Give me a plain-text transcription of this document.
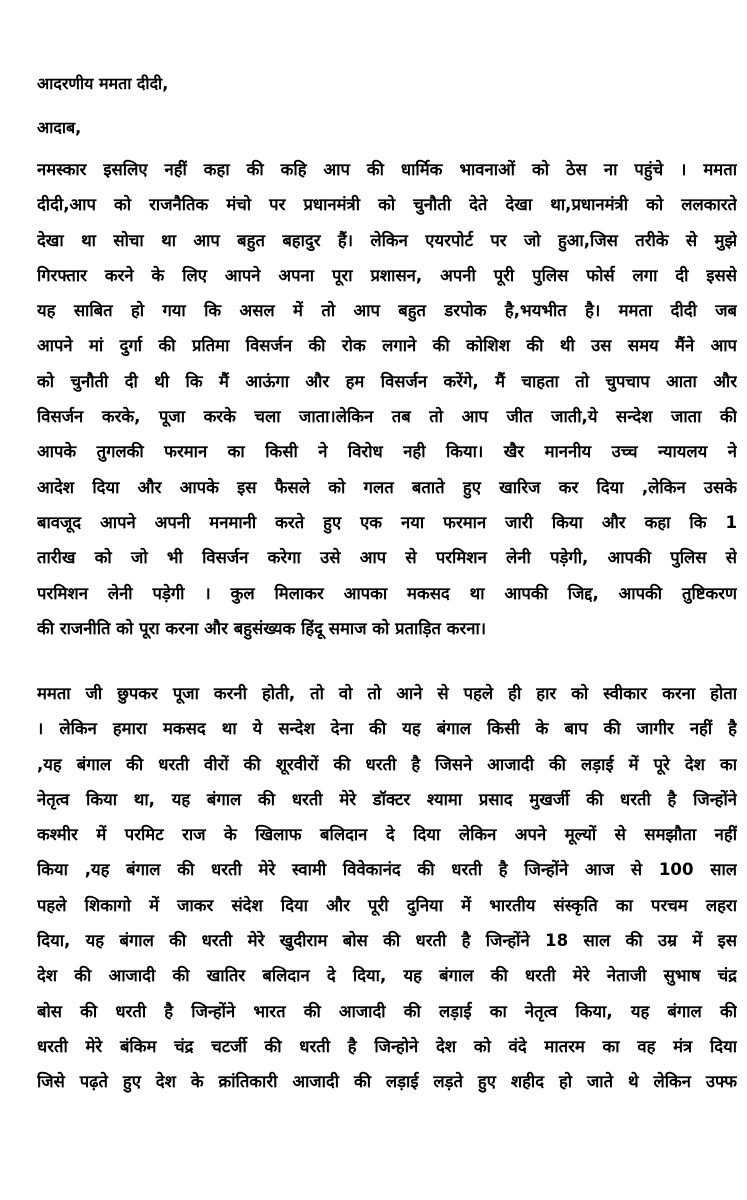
आदरणीय ममता दीदी,
आदाब,
नमस्कार इसलिए नहीं कहा की कहि आप की धार्मिक भावनाओं को ठेस ना पहुंचे । ममता
दीदी,आप को राजनैतिक मंचो पर प्रधानमंत्री को चुनौती देते देखा था,प्रधानमंत्री को ललकारते
देखा था सोचा था आप बहुत बहादुर हैं। लेकिन एयरपोर्ट पर जो हुआ,जिस तरीके से मुझे
गिरफ्तार करने के लिए आपने अपना पूरा प्रशासन, अपनी पूरी पुलिस फोर्स लगा दी इससे
यह साबित हो गया कि असल में तो आप बहुत डरपोक है,भयभीत है। ममता दीदी जब
आपने मां दुर्गा की प्रतिमा विसर्जन की रोक लगाने की कोशिश की थी उस समय मैंने आप
को चुनौती दी थी कि मैं आऊंगा और हम विसर्जन करेंगे, मैं चाहता तो चुपचाप आता और
विसर्जन करके, पूजा करके चला जाता।लेकिन तब तो आप जीत जाती,ये सन्देश जाता की
आपके तुगलकी फरमान का किसी ने विरोध नही किया। खैर माननीय उच्च न्यायलय ने
आदेश दिया और आपके इस फैसले को गलत बताते हुए खारिज कर दिया ,लेकिन उसके
बावजूद आपने अपनी मनमानी करते हुए एक नया फरमान जारी किया और कहा कि 1
तारीख को जो भी विसर्जन करेगा उसे आप से परमिशन लेनी पड़ेगी, आपकी पुलिस से
परमिशन लेनी पड़ेगी । कुल मिलाकर आपका मकसद था आपकी जिद्द, आपकी तुष्टिकरण
की राजनीति को पूरा करना और बहुसंख्यक हिंदू समाज को प्रताड़ित करना।
ममता जी छुपकर पूजा करनी होती, तो वो तो आने से पहले ही हार को स्वीकार करना होता
। लेकिन हमारा मकसद था ये सन्देश देना की यह बंगाल किसी के बाप की जागीर नहीं है
,यह बंगाल की धरती वीरों की शूरवीरों की धरती है जिसने आजादी की लड़ाई में पूरे देश का
नेतृत्व किया था, यह बंगाल की धरती मेरे डॉक्टर श्यामा प्रसाद मुखर्जी की धरती है जिन्होंने
कश्मीर में परमिट राज के खिलाफ बलिदान दे दिया लेकिन अपने मूल्यों से समझौता नहीं
किया ,यह बंगाल की धरती मेरे स्वामी विवेकानंद की धरती है जिन्होंने आज से 100 साल
पहले शिकागो में जाकर संदेश दिया और पूरी दुनिया में भारतीय संस्कृति का परचम लहरा
दिया, यह बंगाल की धरती मेरे खुदीराम बोस की धरती है जिन्होंने 18 साल की उम्र में इस
देश की आजादी की खातिर बलिदान दे दिया, यह बंगाल की धरती मेरे नेताजी सुभाष चंद्र
बोस की धरती है जिन्होंने भारत की आजादी की लड़ाई का नेतृत्व किया, यह बंगाल की
धरती मेरे बंकिम चंद्र चटर्जी की धरती है जिन्होने देश को वंदे मातरम का वह मंत्र दिया
जिसे पढ़ते हुए देश के क्रांतिकारी आजादी की लड़ाई लड़ते हुए शहीद हो जाते थे लेकिन उफ्फ
